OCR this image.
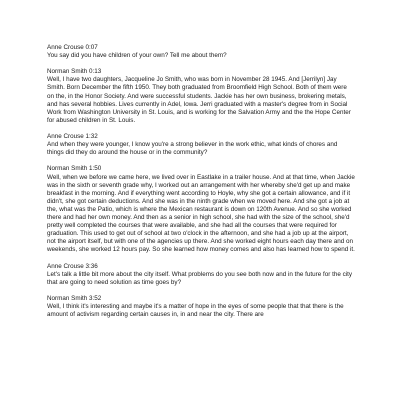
Anne Crouse 0:07
You say did you have children of your own? Tell me about them?
Norman Smith 0:13
Well, I have two daughters, Jacqueline Jo Smith, who was born in November 28 1945. And [Jerrilyn] Jay Smith. Born December the fifth 1950. They both graduated from Broomfield High School. Both of them were on the, in the Honor Society. And were successful students. Jackie has her own business, brokering metals, and has several hobbies. Lives currently in Adel, Iowa. Jerri graduated with a master's degree from in Social Work from Washington University in St. Louis, and is working for the Salvation Army and the the Hope Center for abused children in St. Louis.
Anne Crouse 1:32
And when they were younger, I know you're a strong believer in the work ethic, what kinds of chores and things did they do around the house or in the community?
Norman Smith 1:50
Well, when we before we came here, we lived over in Eastlake in a trailer house. And at that time, when Jackie was in the sixth or seventh grade why, I worked out an arrangement with her whereby she'd get up and make breakfast in the morning. And if everything went according to Hoyle, why she got a certain allowance, and if it didn't, she got certain deductions. And she was in the ninth grade when we moved here. And she got a job at the, what was the Patio, which is where the Mexican restaurant is down on 120th Avenue. And so she worked there and had her own money. And then as a senior in high school, she had with the size of the school, she'd pretty well completed the courses that were available, and she had all the courses that were required for graduation. This used to get out of school at two o'clock in the afternoon, and she had a job up at the airport, not the airport itself, but with one of the agencies up there. And she worked eight hours each day there and on weekends, she worked 12 hours pay. So she learned how money comes and also has learned how to spend it.
Anne Crouse 3:36
Let's talk a little bit more about the city itself. What problems do you see both now and in the future for the city that are going to need solution as time goes by?
Norman Smith 3:52
Well, I think it's interesting and maybe it's a matter of hope in the eyes of some people that that there is the amount of activism regarding certain causes in, in and near the city. There are
